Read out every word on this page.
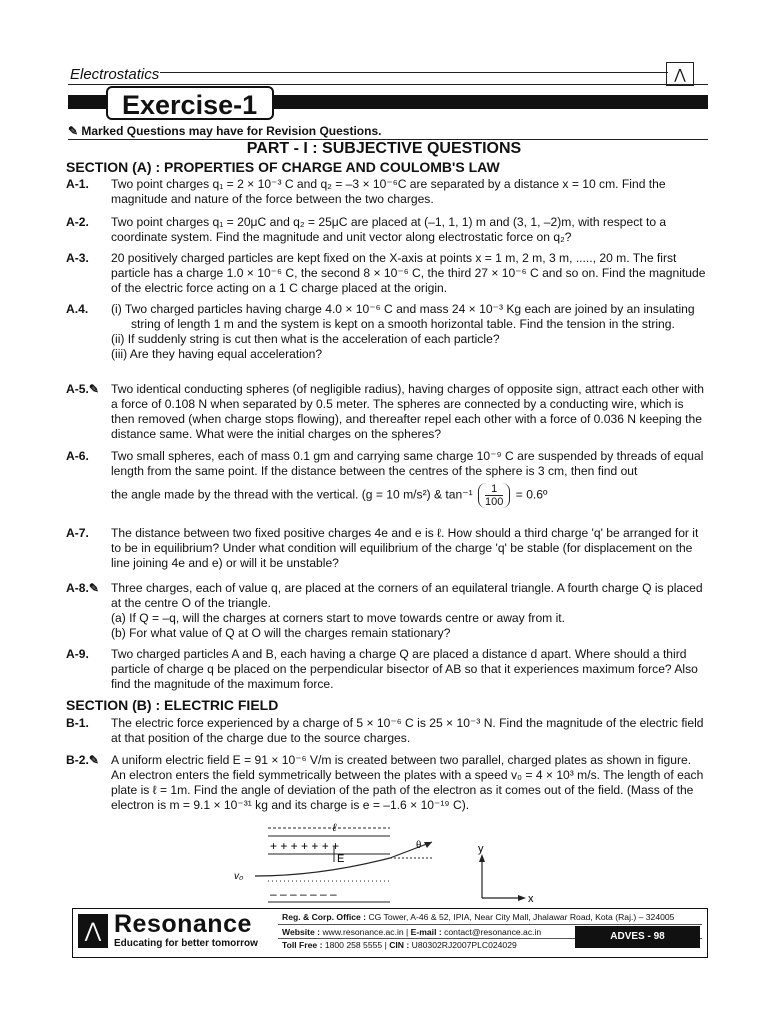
Electrostatics	⋀
Exercise-1
✎ Marked Questions may have for Revision Questions.
PART - I : SUBJECTIVE QUESTIONS
SECTION (A) : PROPERTIES OF CHARGE AND COULOMB'S LAW
A-1.	Two point charges q₁ = 2 × 10⁻³ C and q₂ = –3 × 10⁻⁶C are separated by a distance x = 10 cm. Find the magnitude and nature of the force between the two charges.
A-2.	Two point charges q₁ = 20μC and q₂ = 25μC are placed at (–1, 1, 1) m and (3, 1, –2)m, with respect to a coordinate system. Find the magnitude and unit vector along electrostatic force on q₂?
A-3.	20 positively charged particles are kept fixed on the X-axis at points x = 1 m, 2 m, 3 m, ....., 20 m. The first particle has a charge 1.0 × 10⁻⁶ C, the second 8 × 10⁻⁶ C, the third 27 × 10⁻⁶ C and so on. Find the magnitude of the electric force acting on a 1 C charge placed at the origin.
A.4.	(i) Two charged particles having charge 4.0 × 10⁻⁶ C and mass 24 × 10⁻³ Kg each are joined by an insulating string of length 1 m and the system is kept on a smooth horizontal table. Find the tension in the string.
(ii) If suddenly string is cut then what is the acceleration of each particle?
(iii) Are they having equal acceleration?
A-5.✎ Two identical conducting spheres (of negligible radius), having charges of opposite sign, attract each other with a force of 0.108 N when separated by 0.5 meter. The spheres are connected by a conducting wire, which is then removed (when charge stops flowing), and thereafter repel each other with a force of 0.036 N keeping the distance same. What were the initial charges on the spheres?
A-6.	Two small spheres, each of mass 0.1 gm and carrying same charge 10⁻⁹ C are suspended by threads of equal length from the same point. If the distance between the centres of the sphere is 3 cm, then find out

the angle made by the thread with the vertical. (g = 10 m/s²) & $\tan^{-1} \frac{1}{100}$ = 0.6º
A-7.	The distance between two fixed positive charges 4e and e is ℓ. How should a third charge 'q' be arranged for it to be in equilibrium? Under what condition will equilibrium of the charge 'q' be stable (for displacement on the line joining 4e and e) or will it be unstable?
A-8.✎ Three charges, each of value q, are placed at the corners of an equilateral triangle. A fourth charge Q is placed at the centre O of the triangle.
(a) If Q = –q, will the charges at corners start to move towards centre or away from it.
(b) For what value of Q at O will the charges remain stationary?
A-9.	Two charged particles A and B, each having a charge Q are placed a distance d apart. Where should a third particle of charge q be placed on the perpendicular bisector of AB so that it experiences maximum force? Also find the magnitude of the maximum force.
SECTION (B) : ELECTRIC FIELD
B-1.	The electric force experienced by a charge of 5 × 10⁻⁶ C is 25 × 10⁻³ N. Find the magnitude of the electric field at that position of the charge due to the source charges.
B-2.✎ A uniform electric field E = 91 × 10⁻⁶ V/m is created between two parallel, charged plates as shown in figure. An electron enters the field symmetrically between the plates with a speed v₀ = 4 × 10³ m/s. The length of each plate is ℓ = 1m. Find the angle of deviation of the path of the electron as it comes out of the field. (Mass of the electron is m = 9.1 × 10⁻³¹ kg and its charge is e = –1.6 × 10⁻¹⁹ C).
ℓ
+ + + + + + +	θ
E
v₀
– – – – – – –
y
x
⋀ Resonance
Educating for better tomorrow
Reg. & Corp. Office : CG Tower, A-46 & 52, IPIA, Near City Mall, Jhalawar Road, Kota (Raj.) – 324005
Website : www.resonance.ac.in | E-mail : contact@resonance.ac.in
Toll Free : 1800 258 5555 | CIN : U80302RJ2007PLC024029
ADVES - 98
